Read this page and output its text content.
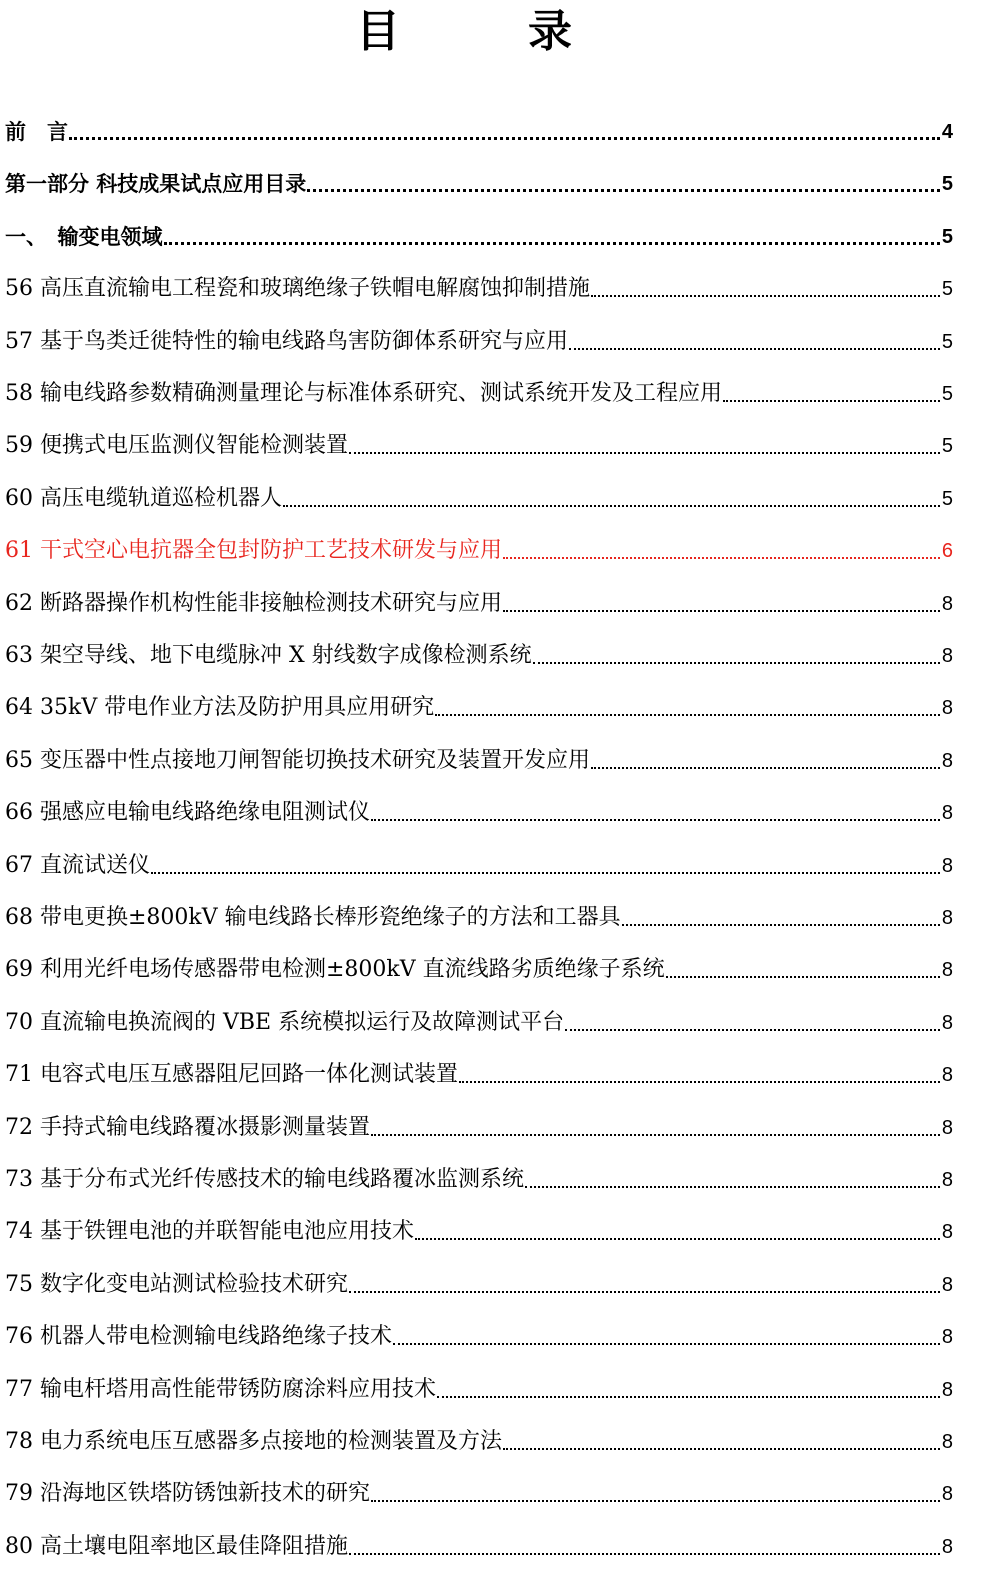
目　录
前　言	4
第一部分 科技成果试点应用目录	5
一、　输变电领域	5
56 高压直流输电工程瓷和玻璃绝缘子铁帽电解腐蚀抑制措施	5
57 基于鸟类迁徙特性的输电线路鸟害防御体系研究与应用	5
58 输电线路参数精确测量理论与标准体系研究、测试系统开发及工程应用	5
59 便携式电压监测仪智能检测装置	5
60 高压电缆轨道巡检机器人	5
61 干式空心电抗器全包封防护工艺技术研发与应用	6
62 断路器操作机构性能非接触检测技术研究与应用	8
63 架空导线、地下电缆脉冲 X 射线数字成像检测系统	8
64 35kV 带电作业方法及防护用具应用研究	8
65 变压器中性点接地刀闸智能切换技术研究及装置开发应用	8
66 强感应电输电线路绝缘电阻测试仪	8
67 直流试送仪	8
68 带电更换±800kV 输电线路长棒形瓷绝缘子的方法和工器具	8
69 利用光纤电场传感器带电检测±800kV 直流线路劣质绝缘子系统	8
70 直流输电换流阀的 VBE 系统模拟运行及故障测试平台	8
71 电容式电压互感器阻尼回路一体化测试装置	8
72 手持式输电线路覆冰摄影测量装置	8
73 基于分布式光纤传感技术的输电线路覆冰监测系统	8
74 基于铁锂电池的并联智能电池应用技术	8
75 数字化变电站测试检验技术研究	8
76 机器人带电检测输电线路绝缘子技术	8
77 输电杆塔用高性能带锈防腐涂料应用技术	8
78 电力系统电压互感器多点接地的检测装置及方法	8
79 沿海地区铁塔防锈蚀新技术的研究	8
80 高土壤电阻率地区最佳降阻措施	8
